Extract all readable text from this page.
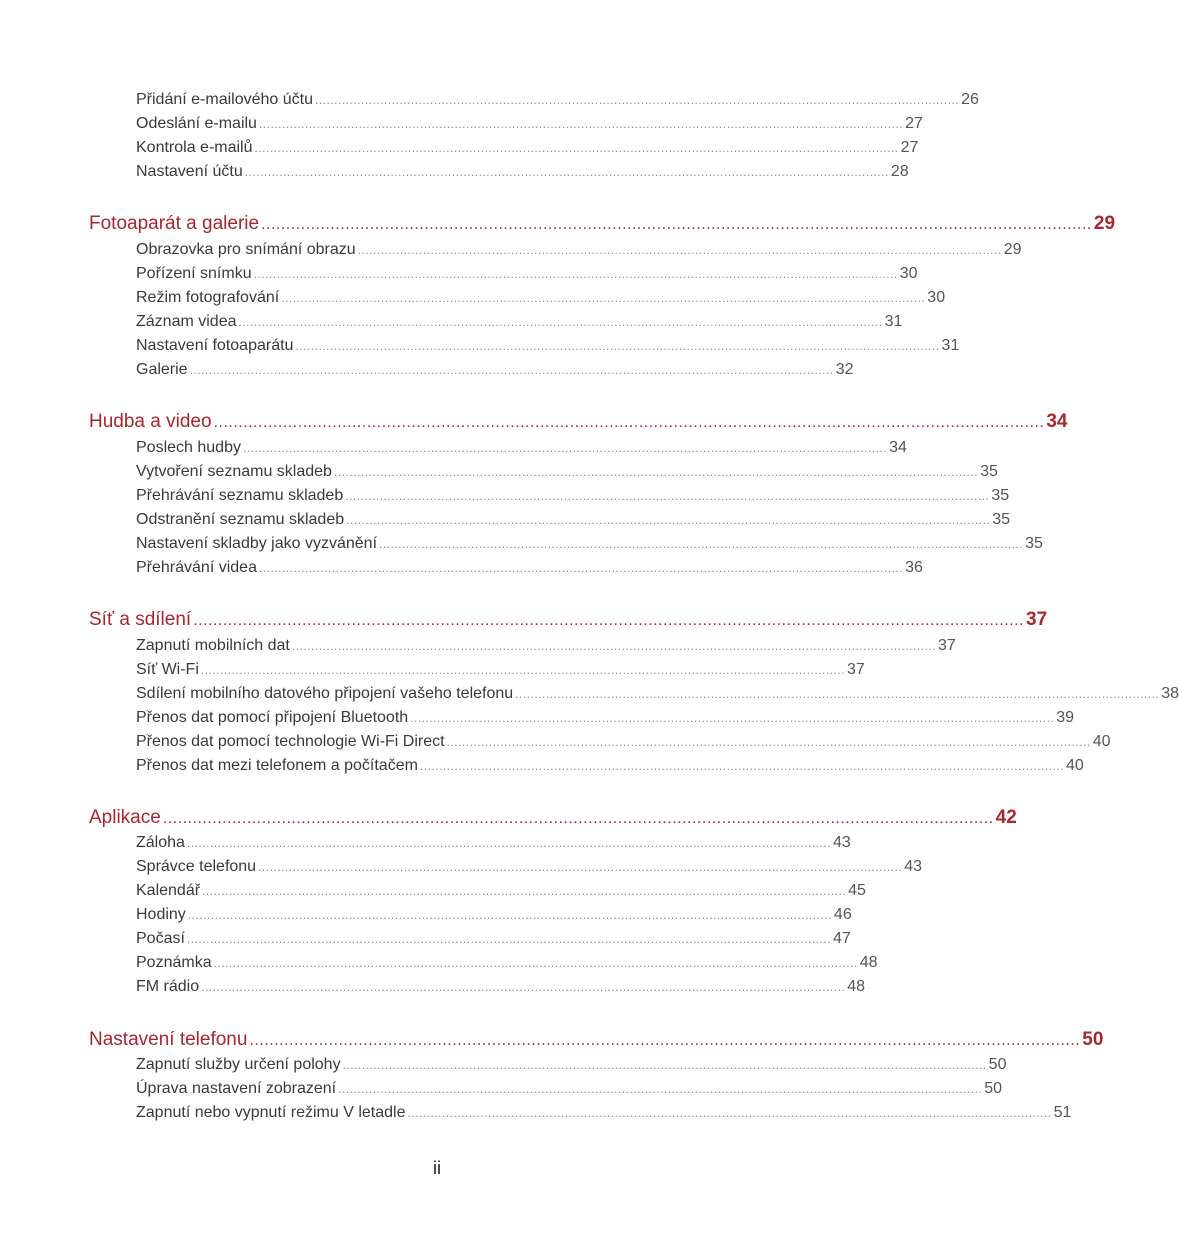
Přidání e-mailového účtu ........................................................................................................................................................................ 26
Odeslání e-mailu ........................................................................................................................................................................ 27
Kontrola e-mailů ........................................................................................................................................................................ 27
Nastavení účtu ........................................................................................................................................................................ 28
Fotoaparát a galerie ........................................................................................................................................................................ 29
Obrazovka pro snímání obrazu ........................................................................................................................................................................ 29
Pořízení snímku ........................................................................................................................................................................ 30
Režim fotografování ........................................................................................................................................................................ 30
Záznam videa ........................................................................................................................................................................ 31
Nastavení fotoaparátu ........................................................................................................................................................................ 31
Galerie ........................................................................................................................................................................ 32
Hudba a video ........................................................................................................................................................................ 34
Poslech hudby ........................................................................................................................................................................ 34
Vytvoření seznamu skladeb ........................................................................................................................................................................ 35
Přehrávání seznamu skladeb ........................................................................................................................................................................ 35
Odstranění seznamu skladeb ........................................................................................................................................................................ 35
Nastavení skladby jako vyzvánění ........................................................................................................................................................................ 35
Přehrávání videa ........................................................................................................................................................................ 36
Síť a sdílení ........................................................................................................................................................................ 37
Zapnutí mobilních dat ........................................................................................................................................................................ 37
Síť Wi-Fi ........................................................................................................................................................................ 37
Sdílení mobilního datového připojení vašeho telefonu ........................................................................................................................................................................ 38
Přenos dat pomocí připojení Bluetooth ........................................................................................................................................................................ 39
Přenos dat pomocí technologie Wi-Fi Direct ........................................................................................................................................................................ 40
Přenos dat mezi telefonem a počítačem ........................................................................................................................................................................ 40
Aplikace ........................................................................................................................................................................ 42
Záloha ........................................................................................................................................................................ 43
Správce telefonu ........................................................................................................................................................................ 43
Kalendář ........................................................................................................................................................................ 45
Hodiny ........................................................................................................................................................................ 46
Počasí ........................................................................................................................................................................ 47
Poznámka ........................................................................................................................................................................ 48
FM rádio ........................................................................................................................................................................ 48
Nastavení telefonu ........................................................................................................................................................................ 50
Zapnutí služby určení polohy ........................................................................................................................................................................ 50
Úprava nastavení zobrazení ........................................................................................................................................................................ 50
Zapnutí nebo vypnutí režimu V letadle ........................................................................................................................................................................ 51
ii
